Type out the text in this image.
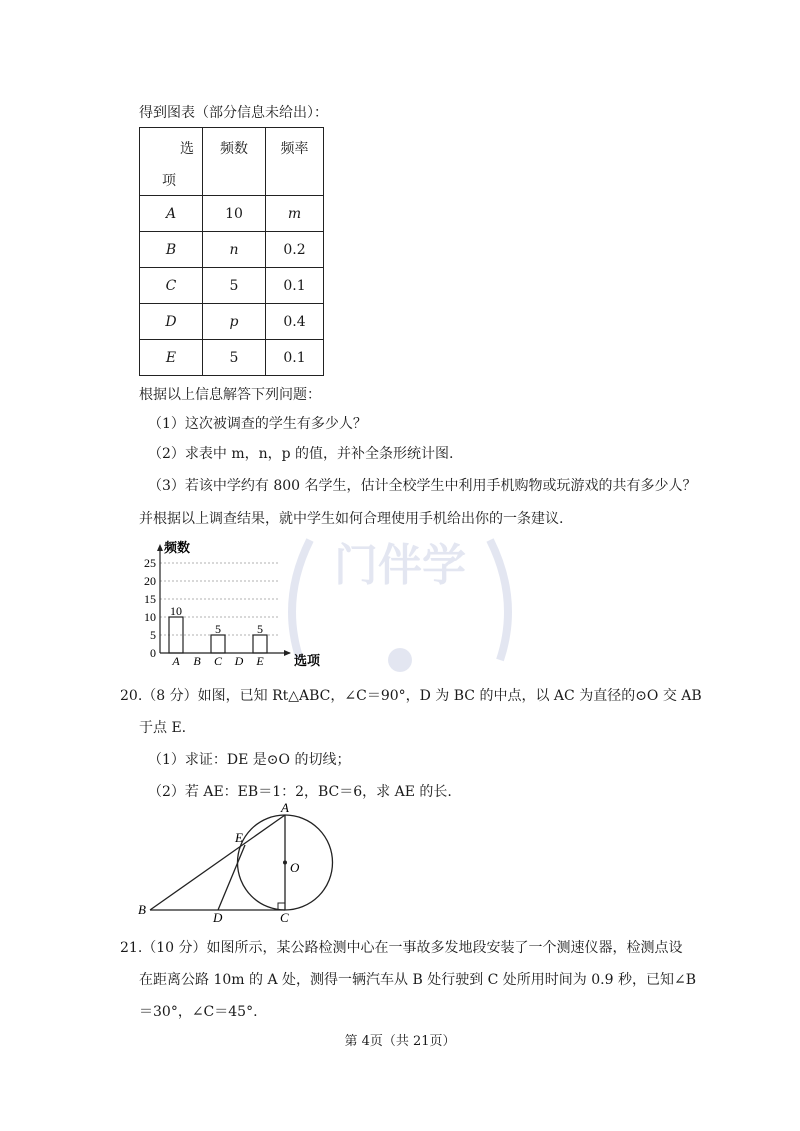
得到图表（部分信息未给出）：
选
项	频数	频率

A	10	m
B	n	0.2
C	5	0.1
D	p	0.4
E	5	0.1
根据以上信息解答下列问题：
（1）这次被调查的学生有多少人？
（2）求表中 m，n，p 的值，并补全条形统计图.
（3）若该中学约有 800 名学生，估计全校学生中利用手机购物或玩游戏的共有多少人？
并根据以上调查结果，就中学生如何合理使用手机给出你的一条建议.
门伴学
0
5
10
15
20
25
频数
选项
10
A B
5
C D
5
E
20.（8 分）如图，已知 Rt△ABC，∠C＝90°，D 为 BC 的中点，以 AC 为直径的⊙O 交 AB
于点 E.
（1）求证：DE 是⊙O 的切线；
（2）若 AE：EB＝1：2，BC＝6，求 AE 的长.
A
B
C
D
E
O
21.（10 分）如图所示，某公路检测中心在一事故多发地段安装了一个测速仪器，检测点设
在距离公路 10m 的 A 处，测得一辆汽车从 B 处行驶到 C 处所用时间为 0.9 秒，已知∠B
＝30°，∠C＝45°.
第 4页（共 21页）
